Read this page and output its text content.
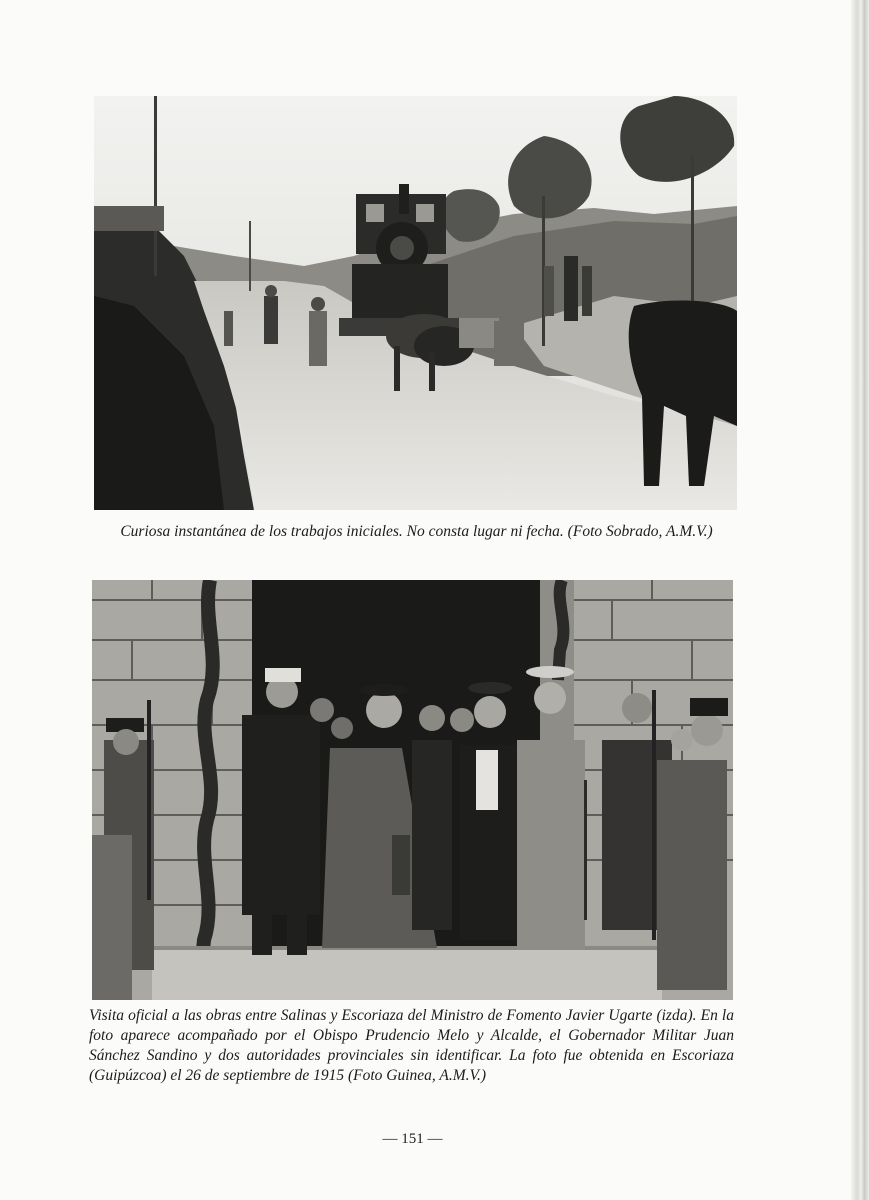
Curiosa instantánea de los trabajos iniciales. No consta lugar ni fecha. (Foto Sobrado, A.M.V.)
Visita oficial a las obras entre Salinas y Escoriaza del Ministro de Fomento Javier Ugarte (izda). En la foto aparece acompañado por el Obispo Prudencio Melo y Alcalde, el Gobernador Militar Juan Sánchez Sandino y dos autoridades provinciales sin identificar. La foto fue obtenida en Escoriaza (Guipúzcoa) el 26 de septiembre de 1915 (Foto Guinea, A.M.V.)
— 151 —
